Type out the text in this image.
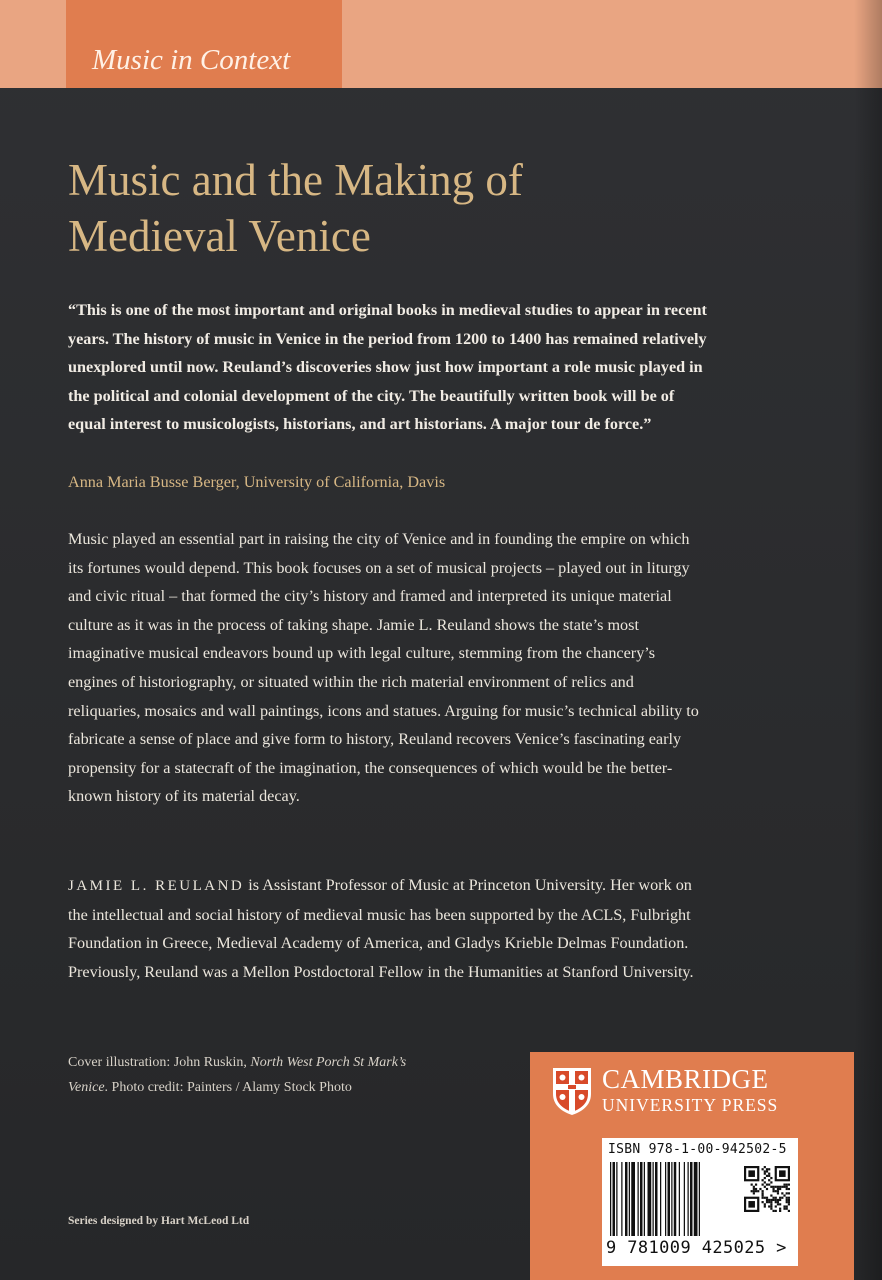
Music in Context
Music and the Making of
Medieval Venice

“This is one of the most important and original books in medieval studies to appear in recent years. The history of music in Venice in the period from 1200 to 1400 has remained relatively unexplored until now. Reuland’s discoveries show just how important a role music played in the political and colonial development of the city. The beautifully written book will be of equal interest to musicologists, historians, and art historians. A major tour de force.”

Anna Maria Busse Berger, University of California, Davis

Music played an essential part in raising the city of Venice and in founding the empire on which its fortunes would depend. This book focuses on a set of musical projects – played out in liturgy and civic ritual – that formed the city’s history and framed and interpreted its unique material culture as it was in the process of taking shape. Jamie L. Reuland shows the state’s most imaginative musical endeavors bound up with legal culture, stemming from the chancery’s engines of historiography, or situated within the rich material environment of relics and reliquaries, mosaics and wall paintings, icons and statues. Arguing for music’s technical ability to fabricate a sense of place and give form to history, Reuland recovers Venice’s fascinating early propensity for a statecraft of the imagination, the consequences of which would be the better-known history of its material decay.

JAMIE L. REULAND is Assistant Professor of Music at Princeton University. Her work on the intellectual and social history of medieval music has been supported by the ACLS, Fulbright Foundation in Greece, Medieval Academy of America, and Gladys Krieble Delmas Foundation. Previously, Reuland was a Mellon Postdoctoral Fellow in the Humanities at Stanford University.

Cover illustration: John Ruskin, North West Porch St Mark’s
Venice. Photo credit: Painters / Alamy Stock Photo

Series designed by Hart McLeod Ltd
CAMBRIDGE
UNIVERSITY PRESS
ISBN 978-1-00-942502-5
9 781009 425025 >
